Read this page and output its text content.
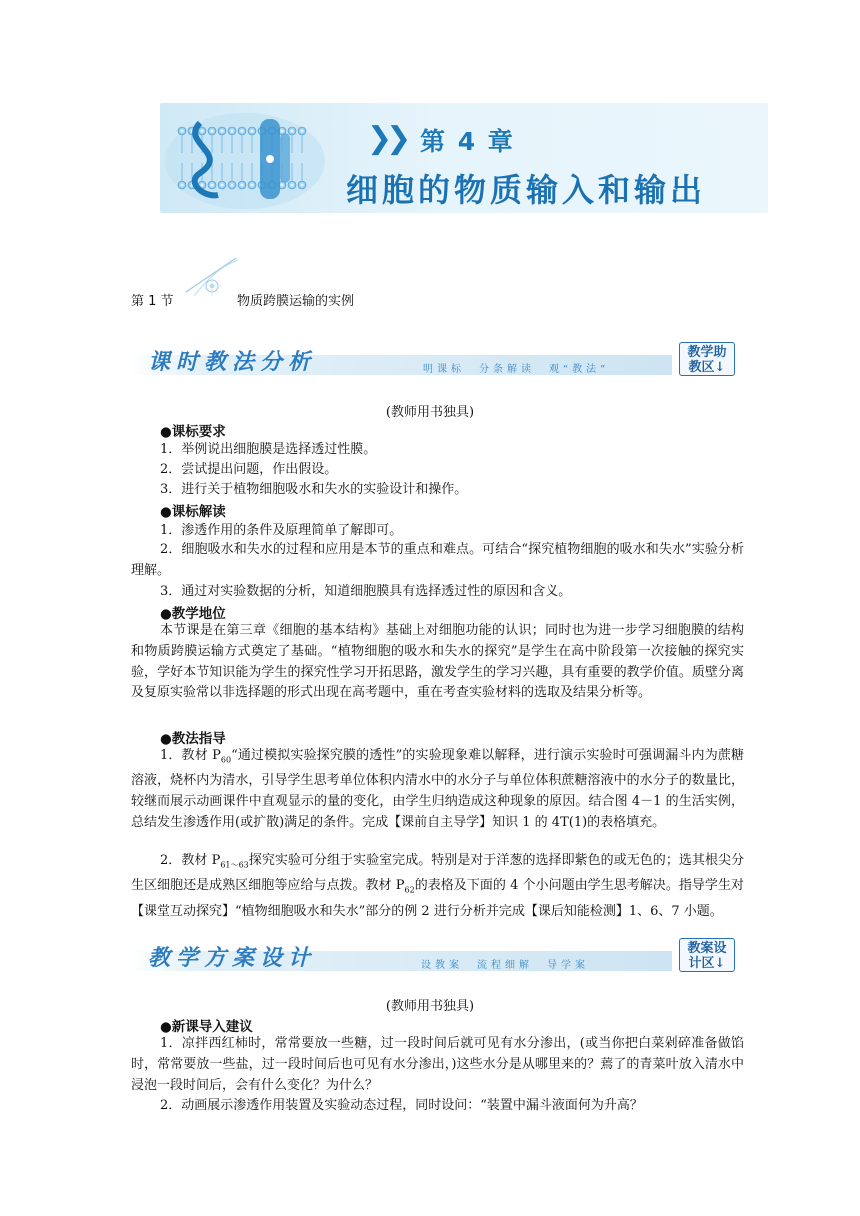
❯❯ 第 4 章
细胞的物质输入和输出
第 1 节	物质跨膜运输的实例
课时教法分析	明课标　分条解读　观“教法”
教学助
教区↓
(教师用书独具)
●课标要求
1．举例说出细胞膜是选择透过性膜。
2．尝试提出问题，作出假设。
3．进行关于植物细胞吸水和失水的实验设计和操作。
●课标解读
1．渗透作用的条件及原理简单了解即可。
2．细胞吸水和失水的过程和应用是本节的重点和难点。可结合“探究植物细胞的吸水和失水”实验分析理解。
3．通过对实验数据的分析，知道细胞膜具有选择透过性的原因和含义。
●教学地位
本节课是在第三章《细胞的基本结构》基础上对细胞功能的认识；同时也为进一步学习细胞膜的结构和物质跨膜运输方式奠定了基础。“植物细胞的吸水和失水的探究”是学生在高中阶段第一次接触的探究实验，学好本节知识能为学生的探究性学习开拓思路，激发学生的学习兴趣，具有重要的教学价值。质壁分离及复原实验常以非选择题的形式出现在高考题中，重在考查实验材料的选取及结果分析等。
●教法指导
1．教材 $P_{60}“$通过模拟实验探究膜的透性”的实验现象难以解释，进行演示实验时可强调漏斗内为蔗糖溶液，烧杯内为清水，引导学生思考单位体积内清水中的水分子与单位体积蔗糖溶液中的水分子的数量比，较继而展示动画课件中直观显示的量的变化，由学生归纳造成这种现象的原因。结合图 4－1 的生活实例，总结发生渗透作用(或扩散)满足的条件。完成【课前自主导学】知识 1 的 4T(1)的表格填充。
2．教材 $P_{61\sim 63}$探究实验可分组于实验室完成。特别是对于洋葱的选择即紫色的或无色的；选其根尖分生区细胞还是成熟区细胞等应给与点拨。教材 $P_{62}$的表格及下面的 4 个小问题由学生思考解决。指导学生对【课堂互动探究】“植物细胞吸水和失水”部分的例 2 进行分析并完成【课后知能检测】1、6、7 小题。
教学方案设计	设教案　流程细解　导学案
教案设
计区↓
(教师用书独具)
●新课导入建议
1．凉拌西红柿时，常常要放一些糖，过一段时间后就可见有水分渗出，(或当你把白菜剁碎准备做馅时，常常要放一些盐，过一段时间后也可见有水分渗出，)这些水分是从哪里来的？蔫了的青菜叶放入清水中浸泡一段时间后，会有什么变化？为什么？
2．动画展示渗透作用装置及实验动态过程，同时设问：“装置中漏斗液面何为升高？
